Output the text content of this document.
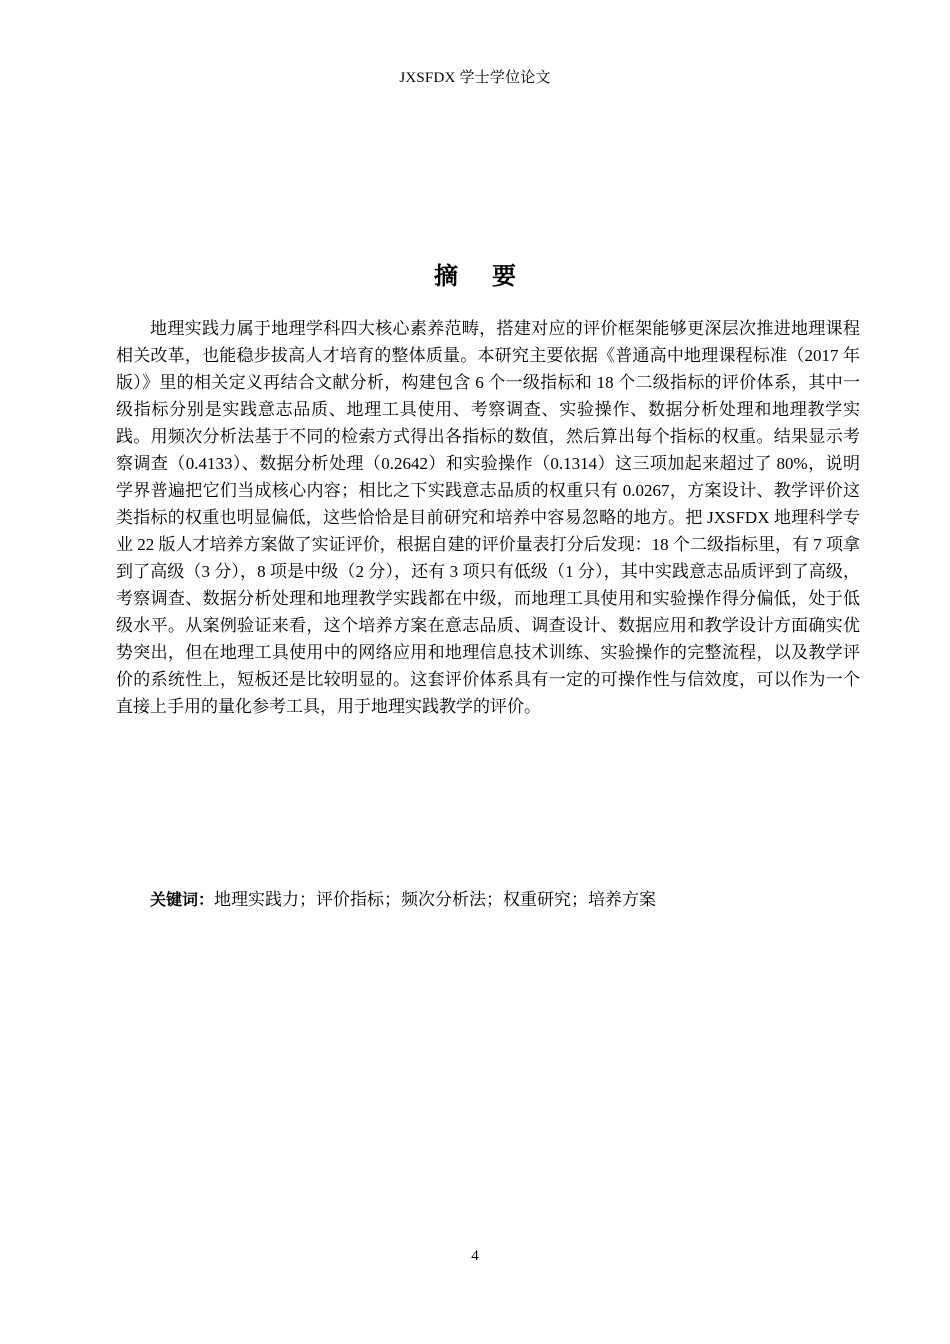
JXSFDX 学士学位论文
摘 要

地理实践力属于地理学科四大核心素养范畴，搭建对应的评价框架能够更深层次推进地理课程相关改革，也能稳步拔高人才培育的整体质量。本研究主要依据《普通高中地理课程标准（2017 年版）》里的相关定义再结合文献分析，构建包含 6 个一级指标和 18 个二级指标的评价体系，其中一级指标分别是实践意志品质、地理工具使用、考察调查、实验操作、数据分析处理和地理教学实践。用频次分析法基于不同的检索方式得出各指标的数值，然后算出每个指标的权重。结果显示考察调查（0.4133）、数据分析处理（0.2642）和实验操作（0.1314）这三项加起来超过了 80%，说明学界普遍把它们当成核心内容；相比之下实践意志品质的权重只有 0.0267，方案设计、教学评价这类指标的权重也明显偏低，这些恰恰是目前研究和培养中容易忽略的地方。把 JXSFDX 地理科学专业 22 版人才培养方案做了实证评价，根据自建的评价量表打分后发现：18 个二级指标里，有 7 项拿到了高级（3 分），8 项是中级（2 分），还有 3 项只有低级（1 分），其中实践意志品质评到了高级，考察调查、数据分析处理和地理教学实践都在中级，而地理工具使用和实验操作得分偏低，处于低级水平。从案例验证来看，这个培养方案在意志品质、调查设计、数据应用和教学设计方面确实优势突出，但在地理工具使用中的网络应用和地理信息技术训练、实验操作的完整流程，以及教学评价的系统性上，短板还是比较明显的。这套评价体系具有一定的可操作性与信效度，可以作为一个直接上手用的量化参考工具，用于地理实践教学的评价。

关键词：地理实践力；评价指标；频次分析法；权重研究；培养方案

4
